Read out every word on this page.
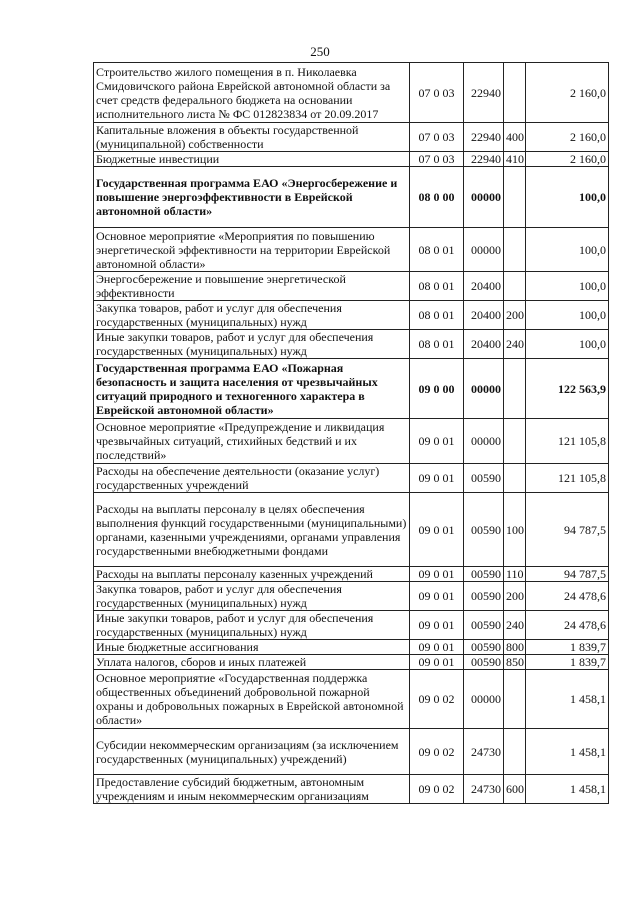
250
Строительство жилого помещения в п. Николаевка Смидовичского района Еврейской автономной области за счет средств федерального бюджета на основании исполнительного листа № ФС 012823834 от 20.09.2017	07 0 03	22940		2 160,0
Капитальные вложения в объекты государственной (муниципальной) собственности	07 0 03	22940	400	2 160,0
Бюджетные инвестиции	07 0 03	22940	410	2 160,0
Государственная программа ЕАО «Энергосбережение и повышение энергоэффективности в Еврейской автономной области»	08 0 00	00000		100,0
Основное мероприятие «Мероприятия по повышению энергетической эффективности на территории Еврейской автономной области»	08 0 01	00000		100,0
Энергосбережение и повышение энергетической эффективности	08 0 01	20400		100,0
Закупка товаров, работ и услуг для обеспечения государственных (муниципальных) нужд	08 0 01	20400	200	100,0
Иные закупки товаров, работ и услуг для обеспечения государственных (муниципальных) нужд	08 0 01	20400	240	100,0
Государственная программа ЕАО «Пожарная безопасность и защита населения от чрезвычайных ситуаций природного и техногенного характера в Еврейской автономной области»	09 0 00	00000		122 563,9
Основное мероприятие «Предупреждение и ликвидация чрезвычайных ситуаций, стихийных бедствий и их последствий»	09 0 01	00000		121 105,8
Расходы на обеспечение деятельности (оказание услуг) государственных учреждений	09 0 01	00590		121 105,8
Расходы на выплаты персоналу в целях обеспечения выполнения функций государственными (муниципальными) органами, казенными учреждениями, органами управления государственными внебюджетными фондами	09 0 01	00590	100	94 787,5
Расходы на выплаты персоналу казенных учреждений	09 0 01	00590	110	94 787,5
Закупка товаров, работ и услуг для обеспечения государственных (муниципальных) нужд	09 0 01	00590	200	24 478,6
Иные закупки товаров, работ и услуг для обеспечения государственных (муниципальных) нужд	09 0 01	00590	240	24 478,6
Иные бюджетные ассигнования	09 0 01	00590	800	1 839,7
Уплата налогов, сборов и иных платежей	09 0 01	00590	850	1 839,7
Основное мероприятие «Государственная поддержка общественных объединений добровольной пожарной охраны и добровольных пожарных в Еврейской автономной области»	09 0 02	00000		1 458,1
Субсидии некоммерческим организациям (за исключением государственных (муниципальных) учреждений)	09 0 02	24730		1 458,1
Предоставление субсидий бюджетным, автономным учреждениям и иным некоммерческим организациям	09 0 02	24730	600	1 458,1
